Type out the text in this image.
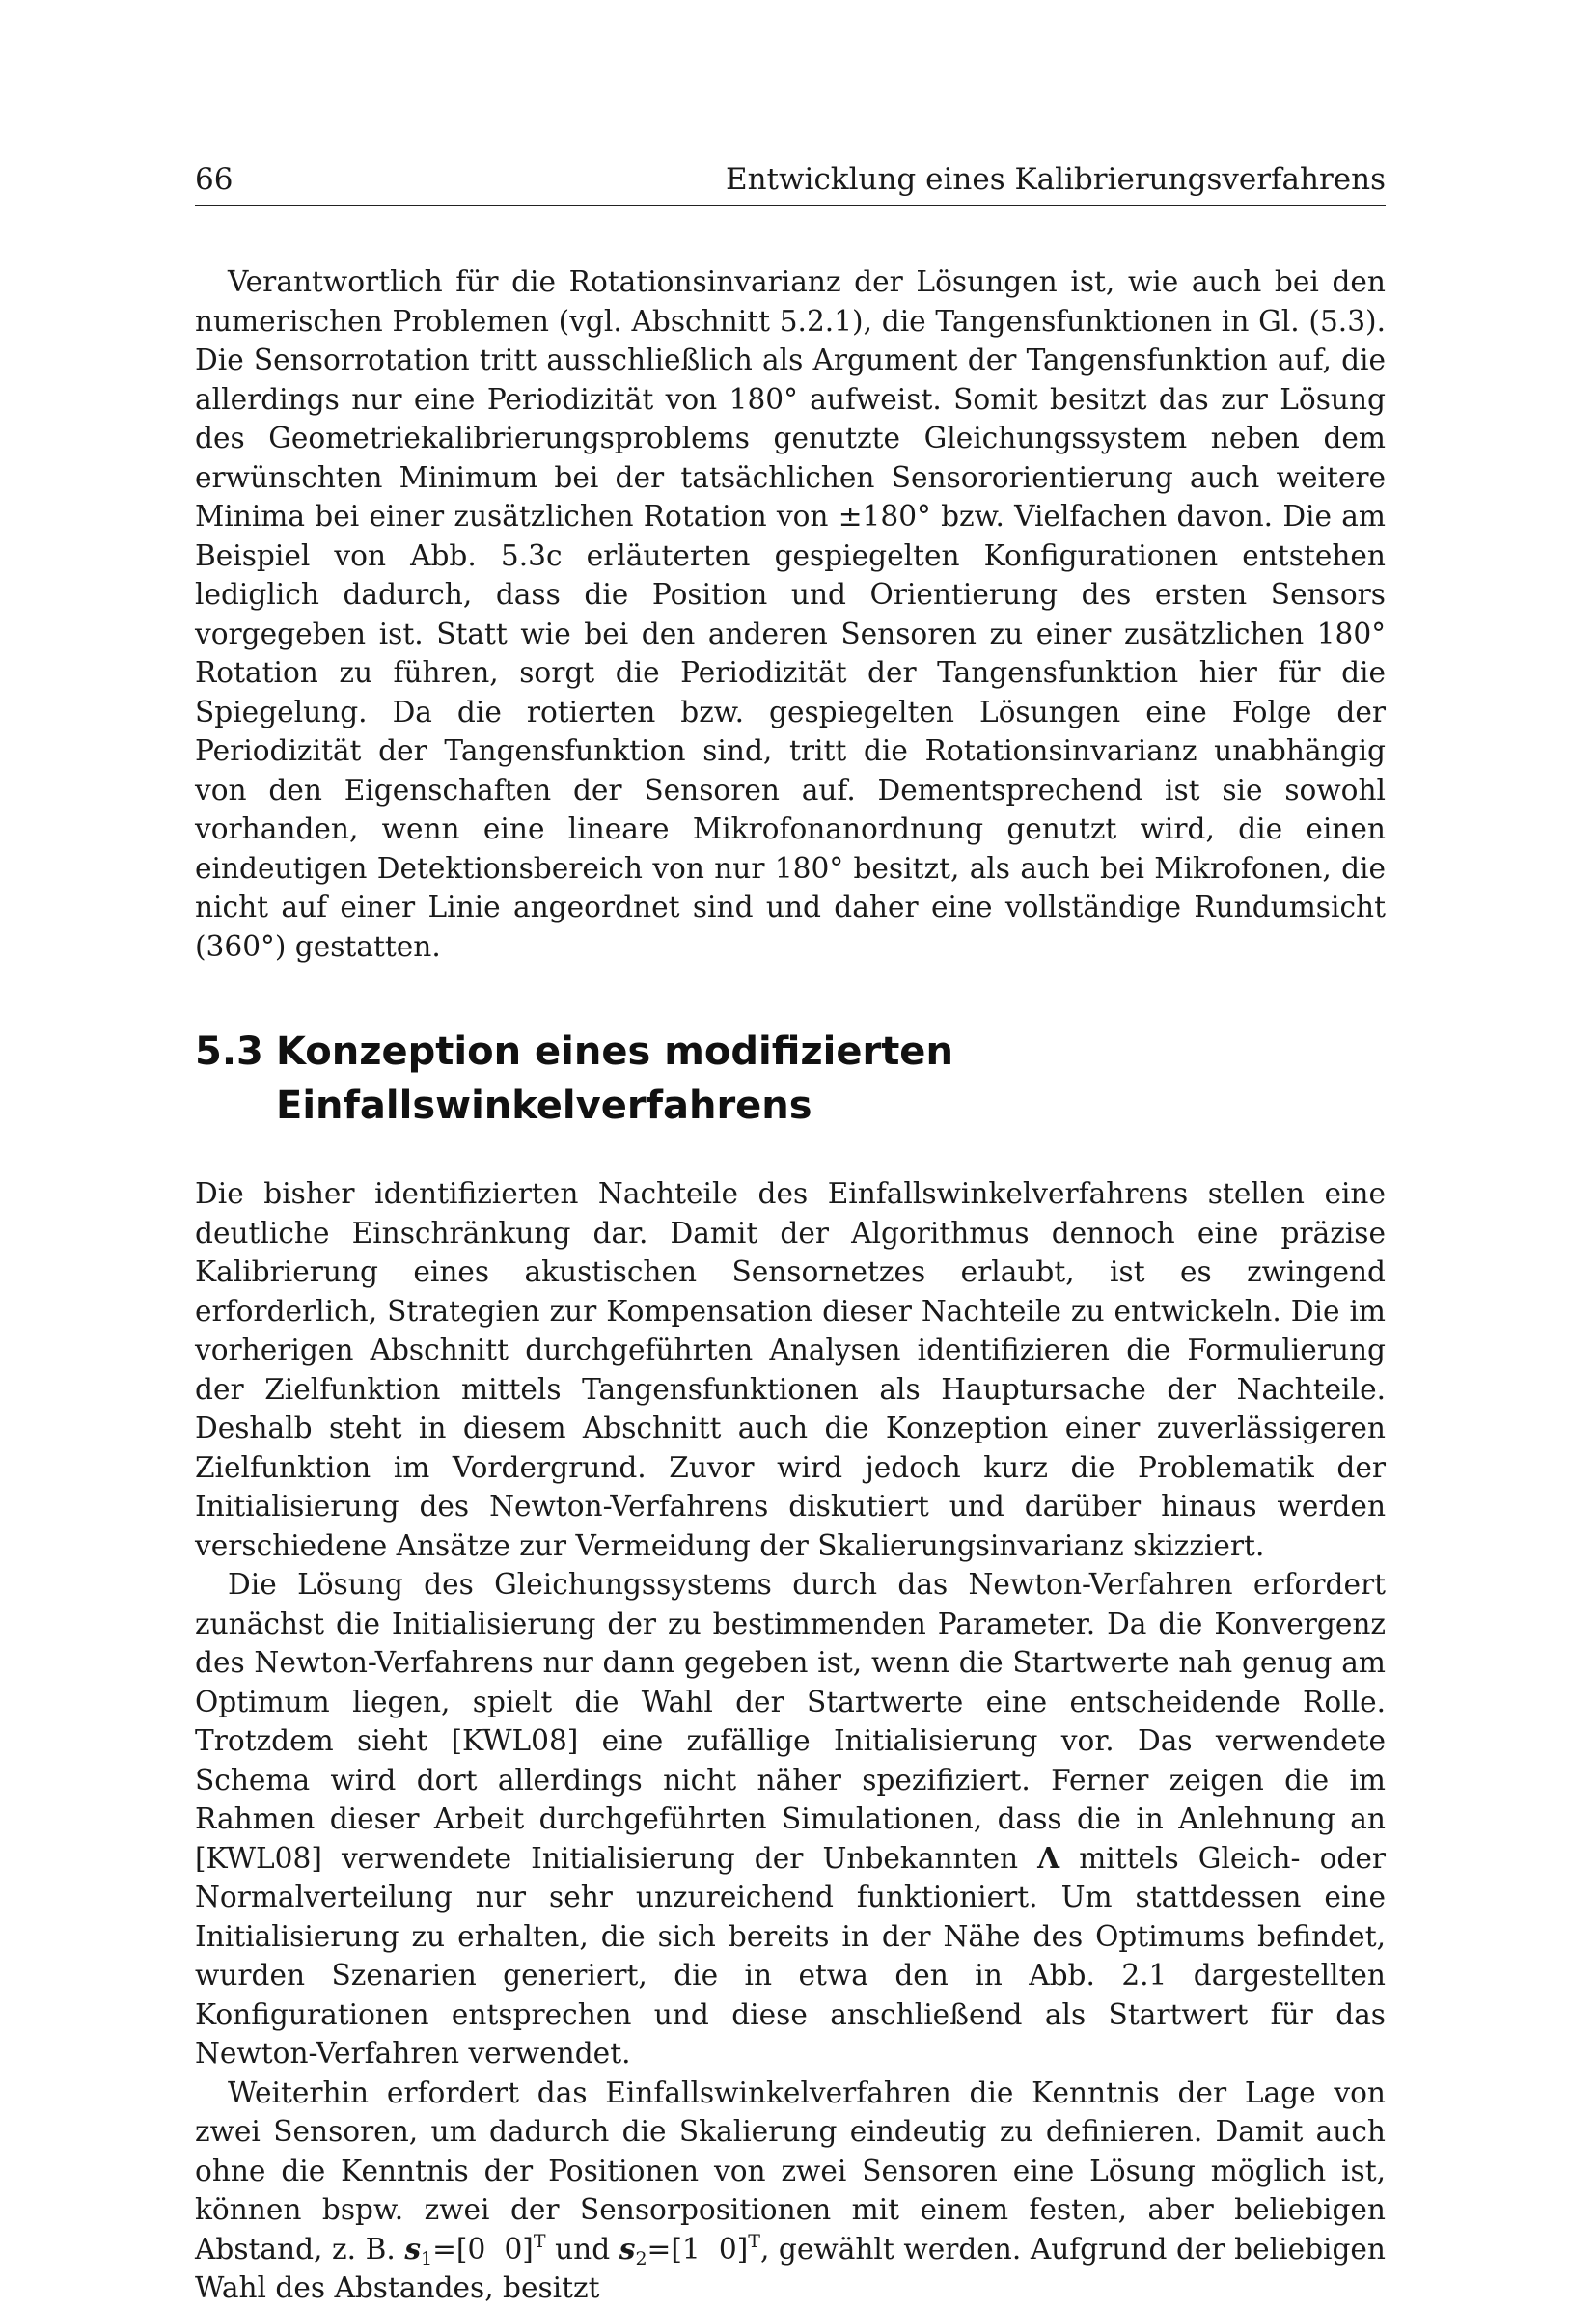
66	Entwicklung eines Kalibrierungsverfahrens

Verantwortlich für die Rotationsinvarianz der Lösungen ist, wie auch bei den numerischen Problemen (vgl. Abschnitt 5.2.1), die Tangensfunktionen in Gl. (5.3). Die Sensorrotation tritt ausschließlich als Argument der Tangensfunktion auf, die allerdings nur eine Periodizität von 180° aufweist. Somit besitzt das zur Lösung des Geometriekalibrierungsproblems genutzte Gleichungssystem neben dem erwünschten Minimum bei der tatsächlichen Sensororientierung auch weitere Minima bei einer zusätzlichen Rotation von ±180° bzw. Vielfachen davon. Die am Beispiel von Abb. 5.3c erläuterten gespiegelten Konfigurationen entstehen lediglich dadurch, dass die Position und Orientierung des ersten Sensors vorgegeben ist. Statt wie bei den anderen Sensoren zu einer zusätzlichen 180° Rotation zu führen, sorgt die Periodizität der Tangensfunktion hier für die Spiegelung. Da die rotierten bzw. gespiegelten Lösungen eine Folge der Periodizität der Tangensfunktion sind, tritt die Rotationsinvarianz unabhängig von den Eigenschaften der Sensoren auf. Dementsprechend ist sie sowohl vorhanden, wenn eine lineare Mikrofonanordnung genutzt wird, die einen eindeutigen Detektionsbereich von nur 180° besitzt, als auch bei Mikrofonen, die nicht auf einer Linie angeordnet sind und daher eine vollständige Rundumsicht (360°) gestatten.

5.3 Konzeption eines modifizierten
Einfallswinkelverfahrens

Die bisher identifizierten Nachteile des Einfallswinkelverfahrens stellen eine deutliche Einschränkung dar. Damit der Algorithmus dennoch eine präzise Kalibrierung eines akustischen Sensornetzes erlaubt, ist es zwingend erforderlich, Strategien zur Kompensation dieser Nachteile zu entwickeln. Die im vorherigen Abschnitt durchgeführten Analysen identifizieren die Formulierung der Zielfunktion mittels Tangensfunktionen als Hauptursache der Nachteile. Deshalb steht in diesem Abschnitt auch die Konzeption einer zuverlässigeren Zielfunktion im Vordergrund. Zuvor wird jedoch kurz die Problematik der Initialisierung des Newton-Verfahrens diskutiert und darüber hinaus werden verschiedene Ansätze zur Vermeidung der Skalierungsinvarianz skizziert.

Die Lösung des Gleichungssystems durch das Newton-Verfahren erfordert zunächst die Initialisierung der zu bestimmenden Parameter. Da die Konvergenz des Newton-Verfahrens nur dann gegeben ist, wenn die Startwerte nah genug am Optimum liegen, spielt die Wahl der Startwerte eine entscheidende Rolle. Trotzdem sieht [KWL08] eine zufällige Initialisierung vor. Das verwendete Schema wird dort allerdings nicht näher spezifiziert. Ferner zeigen die im Rahmen dieser Arbeit durchgeführten Simulationen, dass die in Anlehnung an [KWL08] verwendete Initialisierung der Unbekannten Λ mittels Gleich- oder Normalverteilung nur sehr unzureichend funktioniert. Um stattdessen eine Initialisierung zu erhalten, die sich bereits in der Nähe des Optimums befindet, wurden Szenarien generiert, die in etwa den in Abb. 2.1 dargestellten Konfigurationen entsprechen und diese anschließend als Startwert für das Newton-Verfahren verwendet.

Weiterhin erfordert das Einfallswinkelverfahren die Kenntnis der Lage von zwei Sensoren, um dadurch die Skalierung eindeutig zu definieren. Damit auch ohne die Kenntnis der Positionen von zwei Sensoren eine Lösung möglich ist, können bspw. zwei der Sensorpositionen mit einem festen, aber beliebigen Abstand, z. B. $s_1=[0$  0]$^T$ und $s_2=[1$  0]$^T$, gewählt werden. Aufgrund der beliebigen Wahl des Abstandes, besitzt
